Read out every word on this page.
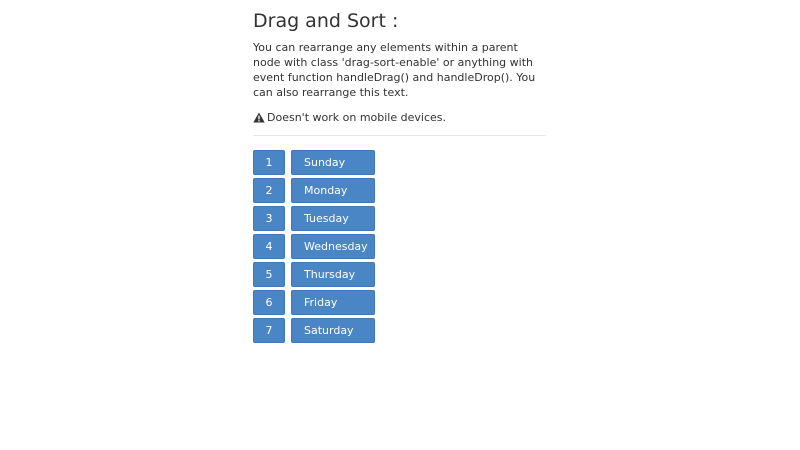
Drag and Sort :

You can rearrange any elements within a parent node with class 'drag-sort-enable' or anything with event function handleDrag() and handleDrop(). You can also rearrange this text.

Doesn't work on mobile devices.
1	Sunday
2	Monday
3	Tuesday
4	Wednesday
5	Thursday
6	Friday
7	Saturday
